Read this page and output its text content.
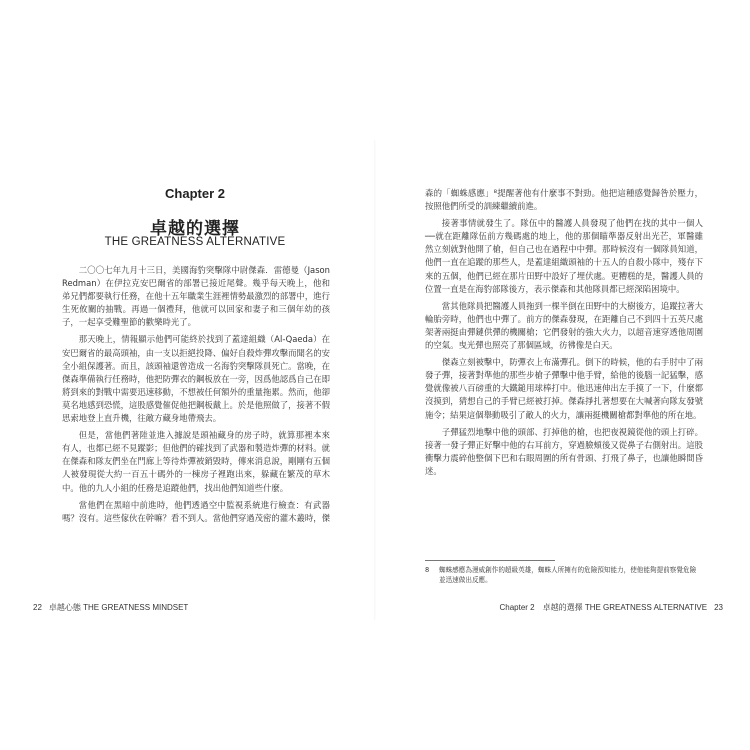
Chapter 2
卓越的選擇
THE GREATNESS ALTERNATIVE

二〇〇七年九月十三日，美國海豹突擊隊中尉傑森．雷德曼（Jason Redman）在伊拉克安巴爾省的部署已接近尾聲。幾乎每天晚上，他和弟兄們都要執行任務，在他十五年職業生涯裡情勢最激烈的部署中，進行生死攸關的抽戰。再過一個禮拜，他就可以回家和妻子和三個年幼的孩子，一起享受難聖節的歡樂時光了。

那天晚上，情報顯示他們可能終於找到了蓋達組織（Al-Qaeda）在安巴爾省的最高頭袖，由一支以拒絕投降、偏好自殺炸彈攻擊而聞名的安全小組保護著。而且，該頭袖還曾造成一名海豹突擊隊員死亡。當晚，在傑森準備執行任務時，他把防彈衣的鋼板放在一旁，因爲他認爲自己在即將到來的對戰中需要迅速移動，不想被任何額外的重量拖累。然而，他卻莫名地感到恐慌，這股感覺催促他把鋼板戴上。於是他照做了，接著不假思索地登上直升機，往敵方藏身地帶飛去。

但是，當他們著陸並進入據說是頭袖藏身的房子時，就算那裡本來有人，也都已經不見蹤影；但他們的確找到了武器和製造炸彈的材料。就在傑森和隊友們坐在門廊上等待炸彈被銷毀時，傳來消息說，剛剛有五個人被發現從大約一百五十碼外的一棟房子裡跑出來，躲藏在繁茂的草木中。他的九人小組的任務是追蹤他們，找出他們知道些什麼。

當他們在黑暗中前進時，他們透過空中監視系統進行檢查：有武器嗎？沒有。這些傢伙在幹嘛？看不到人。當他們穿過茂密的灌木叢時，傑

22 卓越心態 THE GREATNESS MINDSET

森的「蜘蛛感應」⁸提醒著他有什麼事不對勁。他把這種感覺歸咎於壓力，按照他們所受的訓練繼續前進。

接著事情就發生了。隊伍中的醫護人員發現了他們在找的其中一個人──就在距離隊伍前方幾碼處的地上，他的那個瞄準器反射出光芒，軍醫雖然立刻就對他開了槍，但自己也在過程中中彈。那時候沒有一個隊員知道，他們一直在追蹤的那些人，是蓋達組織頭袖的十五人的自殺小隊中，殘存下來的五個，他們已經在那片田野中設好了埋伏處。更糟糕的是，醫護人員的位置一直是在海豹部隊後方，表示傑森和其他隊員都已經深陷困境中。

當其他隊員把醫護人員拖到一棵半倒在田野中的大樹後方，追蹤拉著大輪胎旁時，他們也中彈了。前方的傑森發現，在距離自己不到四十五英尺處架著兩挺由彈鏈供彈的機關槍；它們發射的強大火力，以超音速穿透他周圍的空氣。曳光彈也照亮了那個區域，彷彿像是白天。

傑森立刻被擊中，防彈衣上布滿彈孔。倒下的時候，他的右手肘中了兩發子彈，接著對準他的那些步槍子彈擊中他手臂，給他的後腦一記猛擊，感覺就像被八百磅重的大鐵鎚用球棒打中。他迅速伸出左手摸了一下，什麼都沒摸到，猜想自己的手臂已經被打掉。傑森掙扎著想要在大喊著向隊友發號施令；結果這個舉動吸引了敵人的火力，讓兩挺機關槍都對準他的所在地。

子彈猛烈地擊中他的頭部、打掉他的槍，也把夜視鏡從他的頭上打碎。接著一發子彈正好擊中他的右耳前方，穿過臉頰後又從鼻子右側射出。這股衝擊力震碎他整個下巴和右眼周圍的所有骨頭、打飛了鼻子，也讓他瞬間昏迷。

8	蜘蛛感應為漫威創作的超級英雄，蜘蛛人所擁有的危險預知能力，使他能夠提前察覺危險並迅速做出反應。
Chapter 2　卓越的選擇 THE GREATNESS ALTERNATIVE 23
